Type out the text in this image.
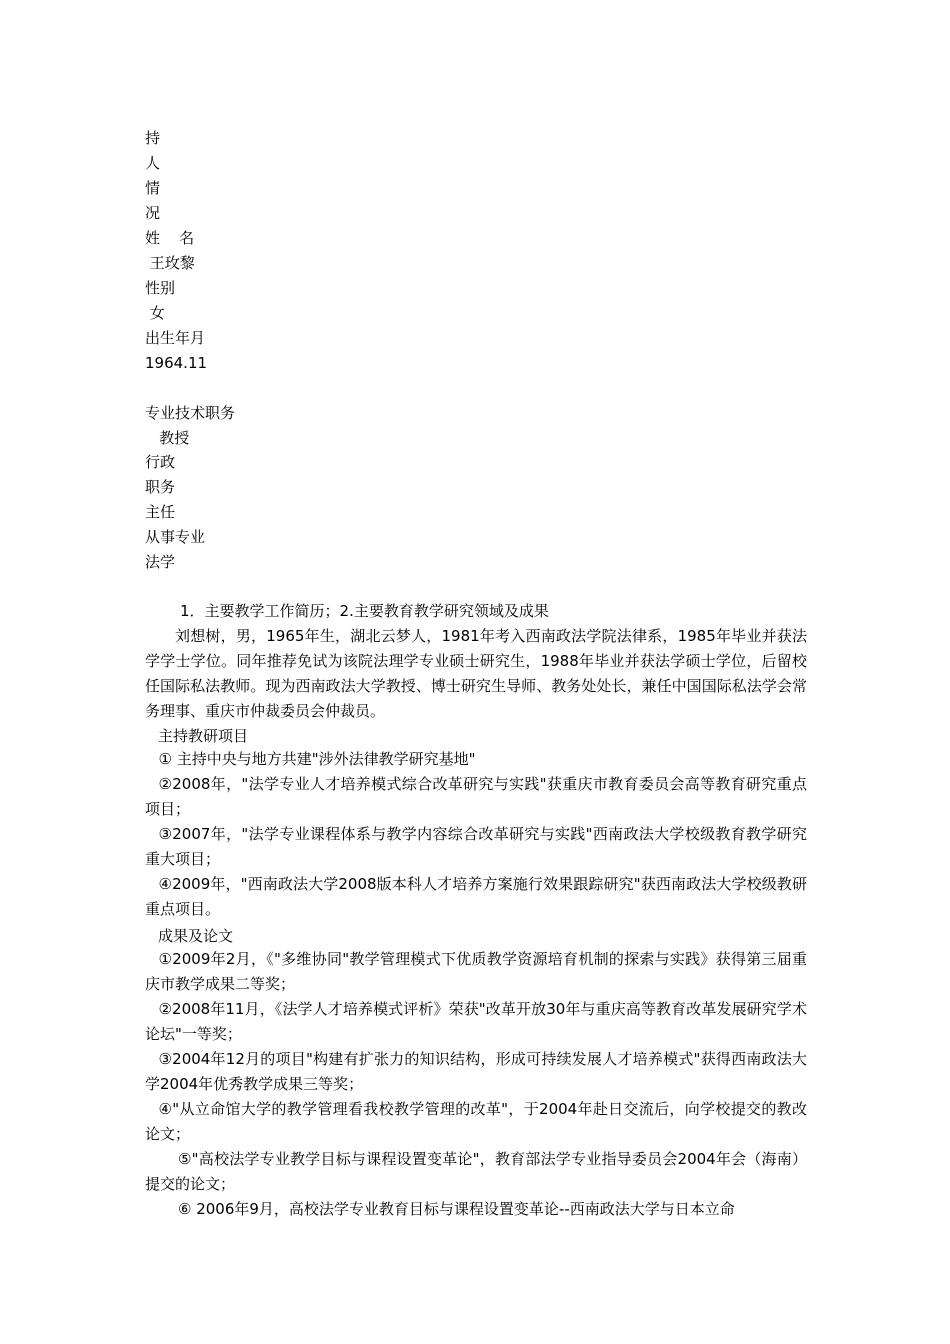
持
人
情
况
姓    名
王玫黎
性别
女
出生年月
1964.11
专业技术职务
教授
行政
职务
主任
从事专业
法学
1．主要教学工作简历；2.主要教育教学研究领域及成果
刘想树，男，1965年生，湖北云梦人，1981年考入西南政法学院法律系，1985年毕业并获法学学士学位。同年推荐免试为该院法理学专业硕士研究生，1988年毕业并获法学硕士学位，后留校任国际私法教师。现为西南政法大学教授、博士研究生导师、教务处处长，兼任中国国际私法学会常务理事、重庆市仲裁委员会仲裁员。
主持教研项目
① 主持中央与地方共建"涉外法律教学研究基地"
②2008年，"法学专业人才培养模式综合改革研究与实践"获重庆市教育委员会高等教育研究重点项目；
③2007年，"法学专业课程体系与教学内容综合改革研究与实践"西南政法大学校级教育教学研究重大项目；
④2009年，"西南政法大学2008版本科人才培养方案施行效果跟踪研究"获西南政法大学校级教研重点项目。
成果及论文
①2009年2月，《"多维协同"教学管理模式下优质教学资源培育机制的探索与实践》获得第三届重庆市教学成果二等奖；
②2008年11月，《法学人才培养模式评析》荣获"改革开放30年与重庆高等教育改革发展研究学术论坛"一等奖；
③2004年12月的项目"构建有扩张力的知识结构，形成可持续发展人才培养模式"获得西南政法大学2004年优秀教学成果三等奖；
④"从立命馆大学的教学管理看我校教学管理的改革"，于2004年赴日交流后，向学校提交的教改论文；
⑤"高校法学专业教学目标与课程设置变革论"，教育部法学专业指导委员会2004年会（海南）提交的论文；
⑥ 2006年9月，高校法学专业教育目标与课程设置变革论--西南政法大学与日本立命
